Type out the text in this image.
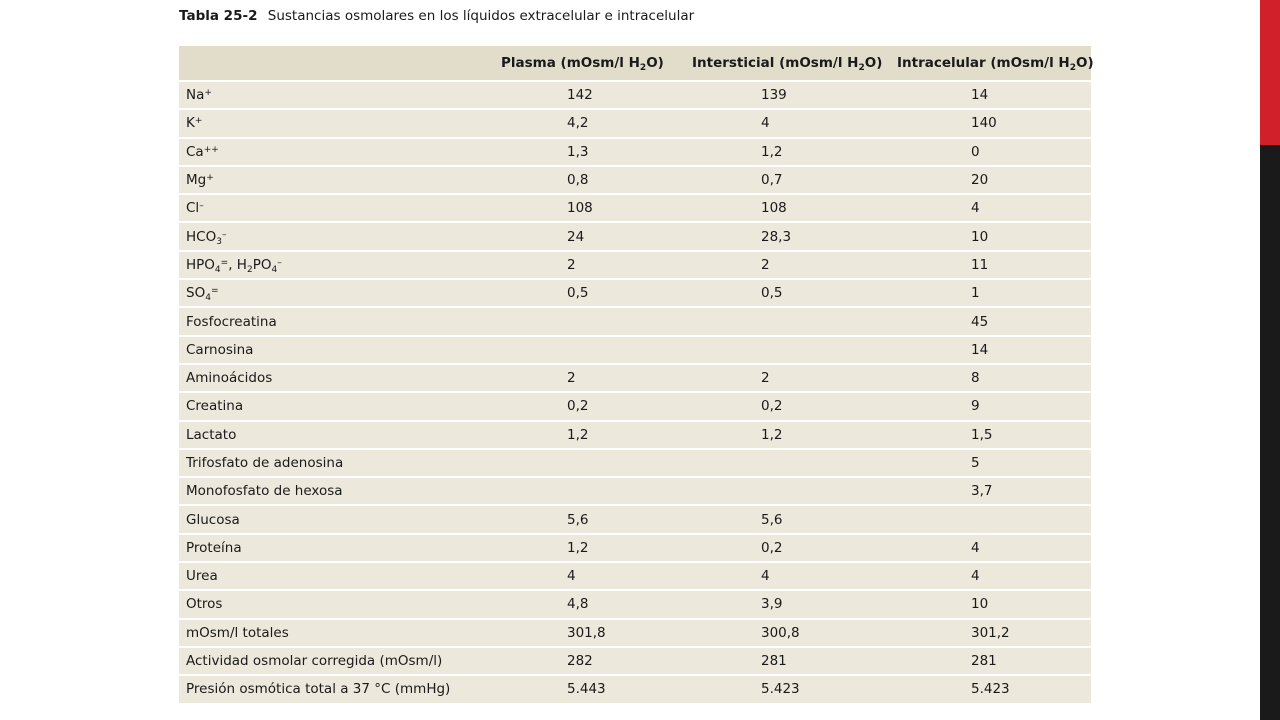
Tabla 25-2 Sustancias osmolares en los líquidos extracelular e intracelular
	Plasma (mOsm/l $H_2O$)	Intersticial (mOsm/l $H_2O$)	Intracelular (mOsm/l $H_2O$)
Na+	142	139	14
K+	4,2	4	140
Ca++	1,3	1,2	0
Mg+	0,8	0,7	20
Cl–	108	108	4
$HCO_3^-$	24	28,3	10
$HPO_4^=$, $H_2PO_4^-$	2	2	11
$SO_4^=$	0,5	0,5	1
Fosfocreatina			45
Carnosina			14
Aminoácidos	2	2	8
Creatina	0,2	0,2	9
Lactato	1,2	1,2	1,5
Trifosfato de adenosina			5
Monofosfato de hexosa			3,7
Glucosa	5,6	5,6	
Proteína	1,2	0,2	4
Urea	4	4	4
Otros	4,8	3,9	10
mOsm/l totales	301,8	300,8	301,2
Actividad osmolar corregida (mOsm/l)	282	281	281
Presión osmótica total a 37 °C (mmHg)	5.443	5.423	5.423
